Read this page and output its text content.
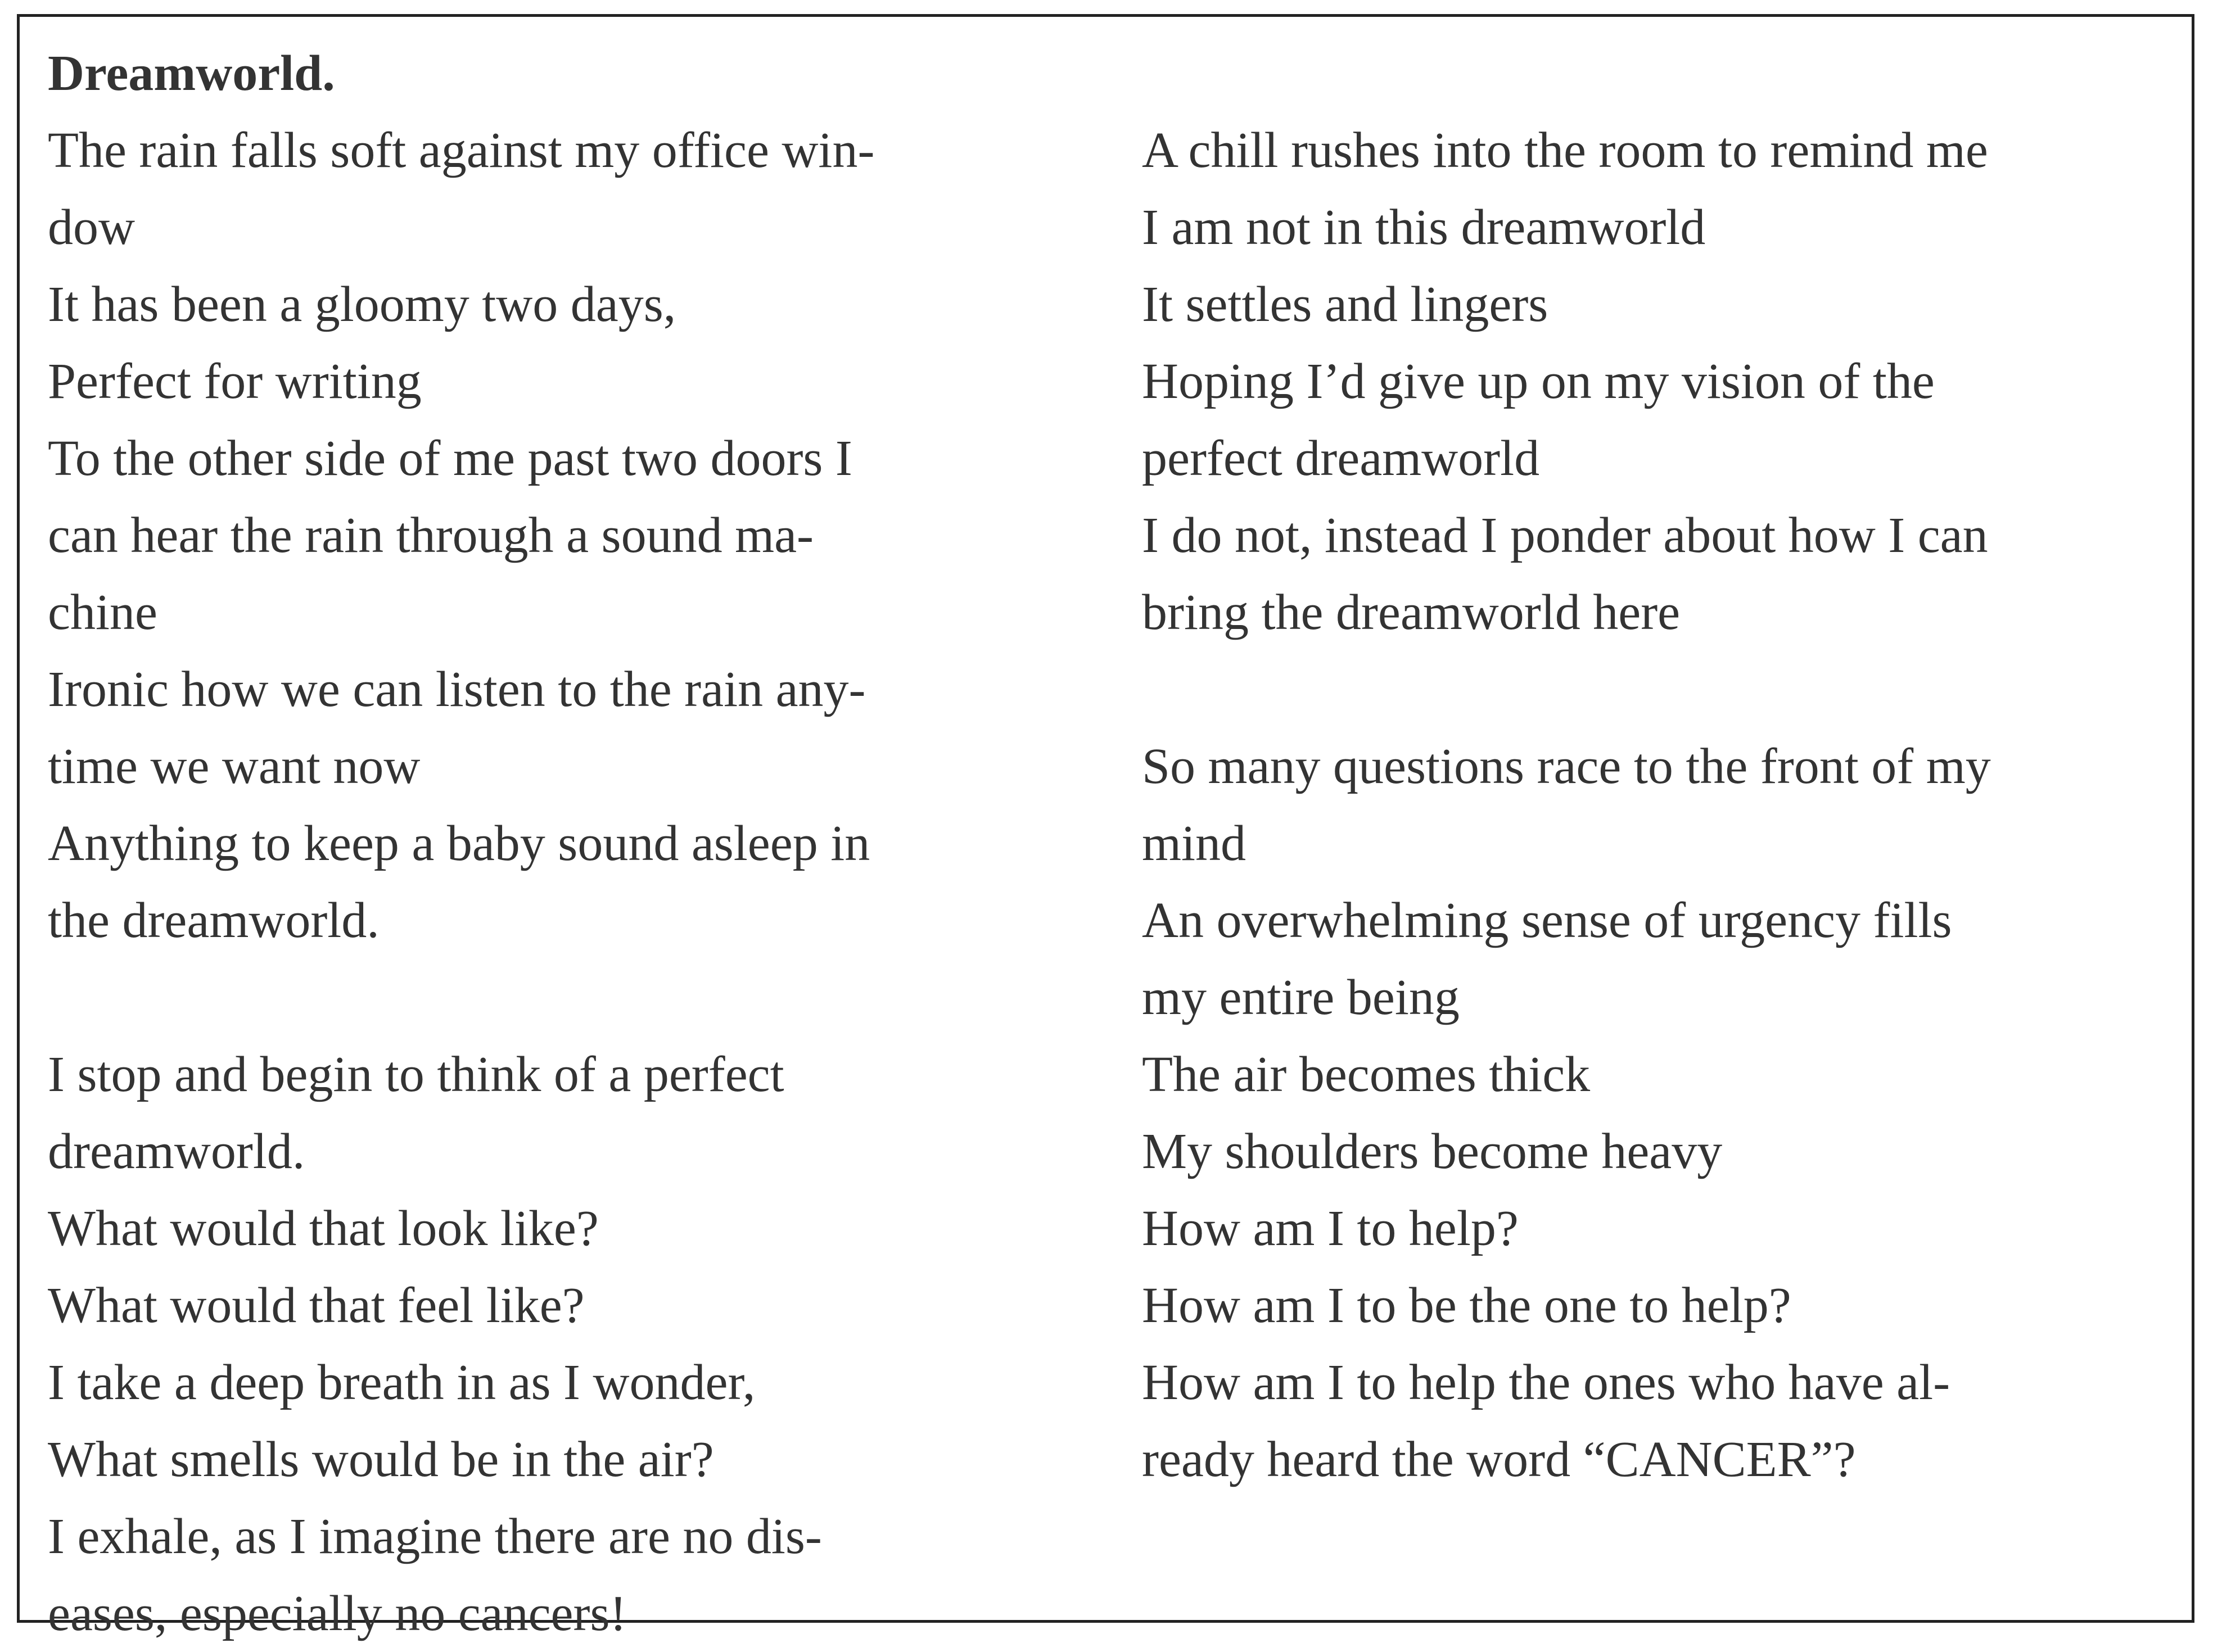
Dreamworld.
The rain falls soft against my office win-
dow
It has been a gloomy two days,
Perfect for writing
To the other side of me past two doors I
can hear the rain through a sound ma-
chine
Ironic how we can listen to the rain any-
time we want now
Anything to keep a baby sound asleep in
the dreamworld.
I stop and begin to think of a perfect
dreamworld.
What would that look like?
What would that feel like?
I take a deep breath in as I wonder,
What smells would be in the air?
I exhale, as I imagine there are no dis-
eases, especially no cancers!
A chill rushes into the room to remind me
I am not in this dreamworld
It settles and lingers
Hoping I’d give up on my vision of the
perfect dreamworld
I do not, instead I ponder about how I can
bring the dreamworld here
So many questions race to the front of my
mind
An overwhelming sense of urgency fills
my entire being
The air becomes thick
My shoulders become heavy
How am I to help?
How am I to be the one to help?
How am I to help the ones who have al-
ready heard the word “CANCER”?
